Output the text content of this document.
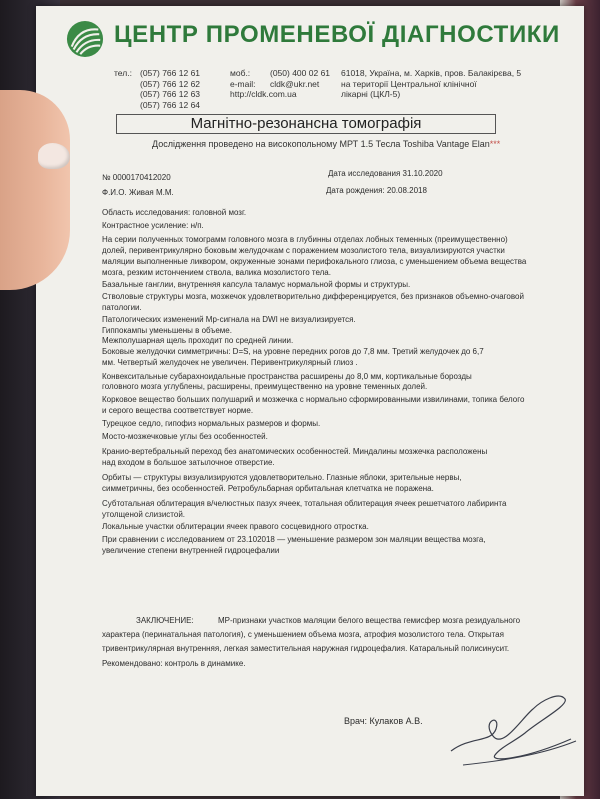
ЦЕНТР ПРОМЕНЕВОЇ ДІАГНОСТИКИ
тел.: (057) 766 12 61
(057) 766 12 62
(057) 766 12 63
(057) 766 12 64
моб.:	(050) 400 02 61
e-mail:	cldk@ukr.net
http://cldk.com.ua
61018, Україна, м. Харків, пров. Балакірєва, 5
на території Центральної клінічної
лікарні (ЦКЛ-5)
Магнітно-резонансна томографія
Дослідження проведено на високопольному МРТ 1.5 Тесла Toshiba Vantage Elan***
№ 0000170412020	Дата исследования 31.10.2020
Ф.И.О. Живая М.М.	Дата рождения: 20.08.2018
Область исследования: головной мозг.
Контрастное усиление: н/п.
На серии полученных томограмм головного мозга в глубинны отделах лобных теменных (преимущественно)
долей, перивентрикулярно боковым желудочкам с поражением мозолистого тела, визуализируются участки
маляции выполненные ликвором, окруженные зонами перифокального глиоза, с уменьшением объема вещества
мозга, резким истончением ствола, валика мозолистого тела.
Базальные ганглии, внутренняя капсула таламус нормальной формы и структуры.
Стволовые структуры мозга, мозжечок удовлетворительно дифференцируется, без признаков объемно-очаговой
патологии.
Патологических изменений Мр-сигнала на DWI не визуализируется.
Гиппокампы уменьшены в объеме.
Межполушарная щель проходит по средней линии.
Боковые желудочки симметричны: D=S, на уровне передних рогов до 7,8 мм. Третий желудочек до 6,7
мм. Четвертый желудочек не увеличен. Перивентрикулярный глиоз .
Конвекситальные субарахноидальные пространства расширены до 8,0 мм, кортикальные борозды
головного мозга углублены, расширены, преимущественно на уровне теменных долей.
Корковое вещество больших полушарий и мозжечка с нормально сформированными извилинами, топика белого
и серого вещества соответствует норме.
Турецкое седло, гипофиз нормальных размеров и формы.
Мосто-мозжечковые углы без особенностей.
Кранио-вертебральный переход без анатомических особенностей. Миндалины мозжечка расположены
над входом в большое затылочное отверстие.
Орбиты — структуры визуализируются удовлетворительно. Глазные яблоки, зрительные нервы,
симметричны, без особенностей. Ретробульбарная орбитальная клетчатка не поражена.
Субтотальная облитерация в/челюстных пазух ячеек, тотальная облитерация ячеек решетчатого лабиринта
утолщеной слизистой.
Локальные участки облитерации ячеек правого сосцевидного отростка.
При сравнении с исследованием от 23.102018 — уменьшение размером зон маляции вещества мозга,
увеличение степени внутренней гидроцефалии
ЗАКЛЮЧЕНИЕ:	МР-признаки участков маляции белого вещества гемисфер мозга резидуального
характера (перинатальная патология), с уменьшением объема мозга, атрофия мозолистого тела. Открытая
тривентрикулярная внутренняя, легкая заместительная наружная гидроцефалия. Катаральный полисинусит.
Рекомендовано: контроль в динамике.
Врач: Кулаков А.В.
